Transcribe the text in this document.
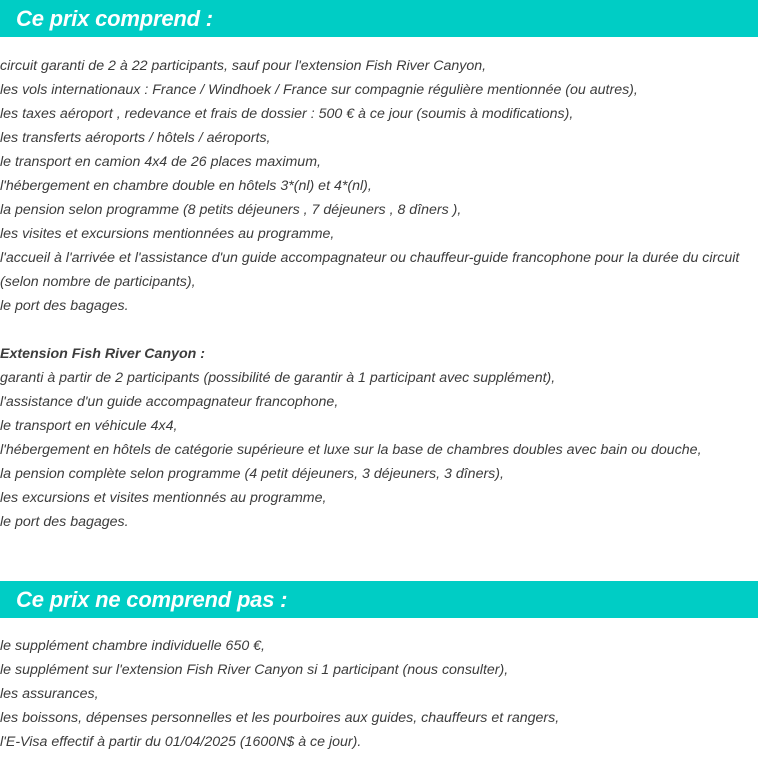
Ce prix comprend :
circuit garanti de 2 à 22 participants, sauf pour l'extension Fish River Canyon,
les vols internationaux : France / Windhoek / France sur compagnie régulière mentionnée (ou autres),
les taxes aéroport , redevance et frais de dossier : 500 € à ce jour (soumis à modifications),
les transferts aéroports / hôtels / aéroports,
le transport en camion 4x4 de 26 places maximum,
l'hébergement en chambre double en hôtels 3*(nl) et 4*(nl),
la pension selon programme (8 petits déjeuners , 7 déjeuners , 8 dîners ),
les visites et excursions mentionnées au programme,
l'accueil à l'arrivée et l'assistance d'un guide accompagnateur ou chauffeur-guide francophone pour la durée du circuit
(selon nombre de participants),
le port des bagages.
Extension Fish River Canyon :
garanti à partir de 2 participants (possibilité de garantir à 1 participant avec supplément),
l'assistance d'un guide accompagnateur francophone,
le transport en véhicule 4x4,
l'hébergement en hôtels de catégorie supérieure et luxe sur la base de chambres doubles avec bain ou douche,
la pension complète selon programme (4 petit déjeuners, 3 déjeuners, 3 dîners),
les excursions et visites mentionnés au programme,
le port des bagages.
Ce prix ne comprend pas :
le supplément chambre individuelle 650 €,
le supplément sur l'extension Fish River Canyon si 1 participant (nous consulter),
les assurances,
les boissons, dépenses personnelles et les pourboires aux guides, chauffeurs et rangers,
l'E-Visa effectif à partir du 01/04/2025 (1600N$ à ce jour).
